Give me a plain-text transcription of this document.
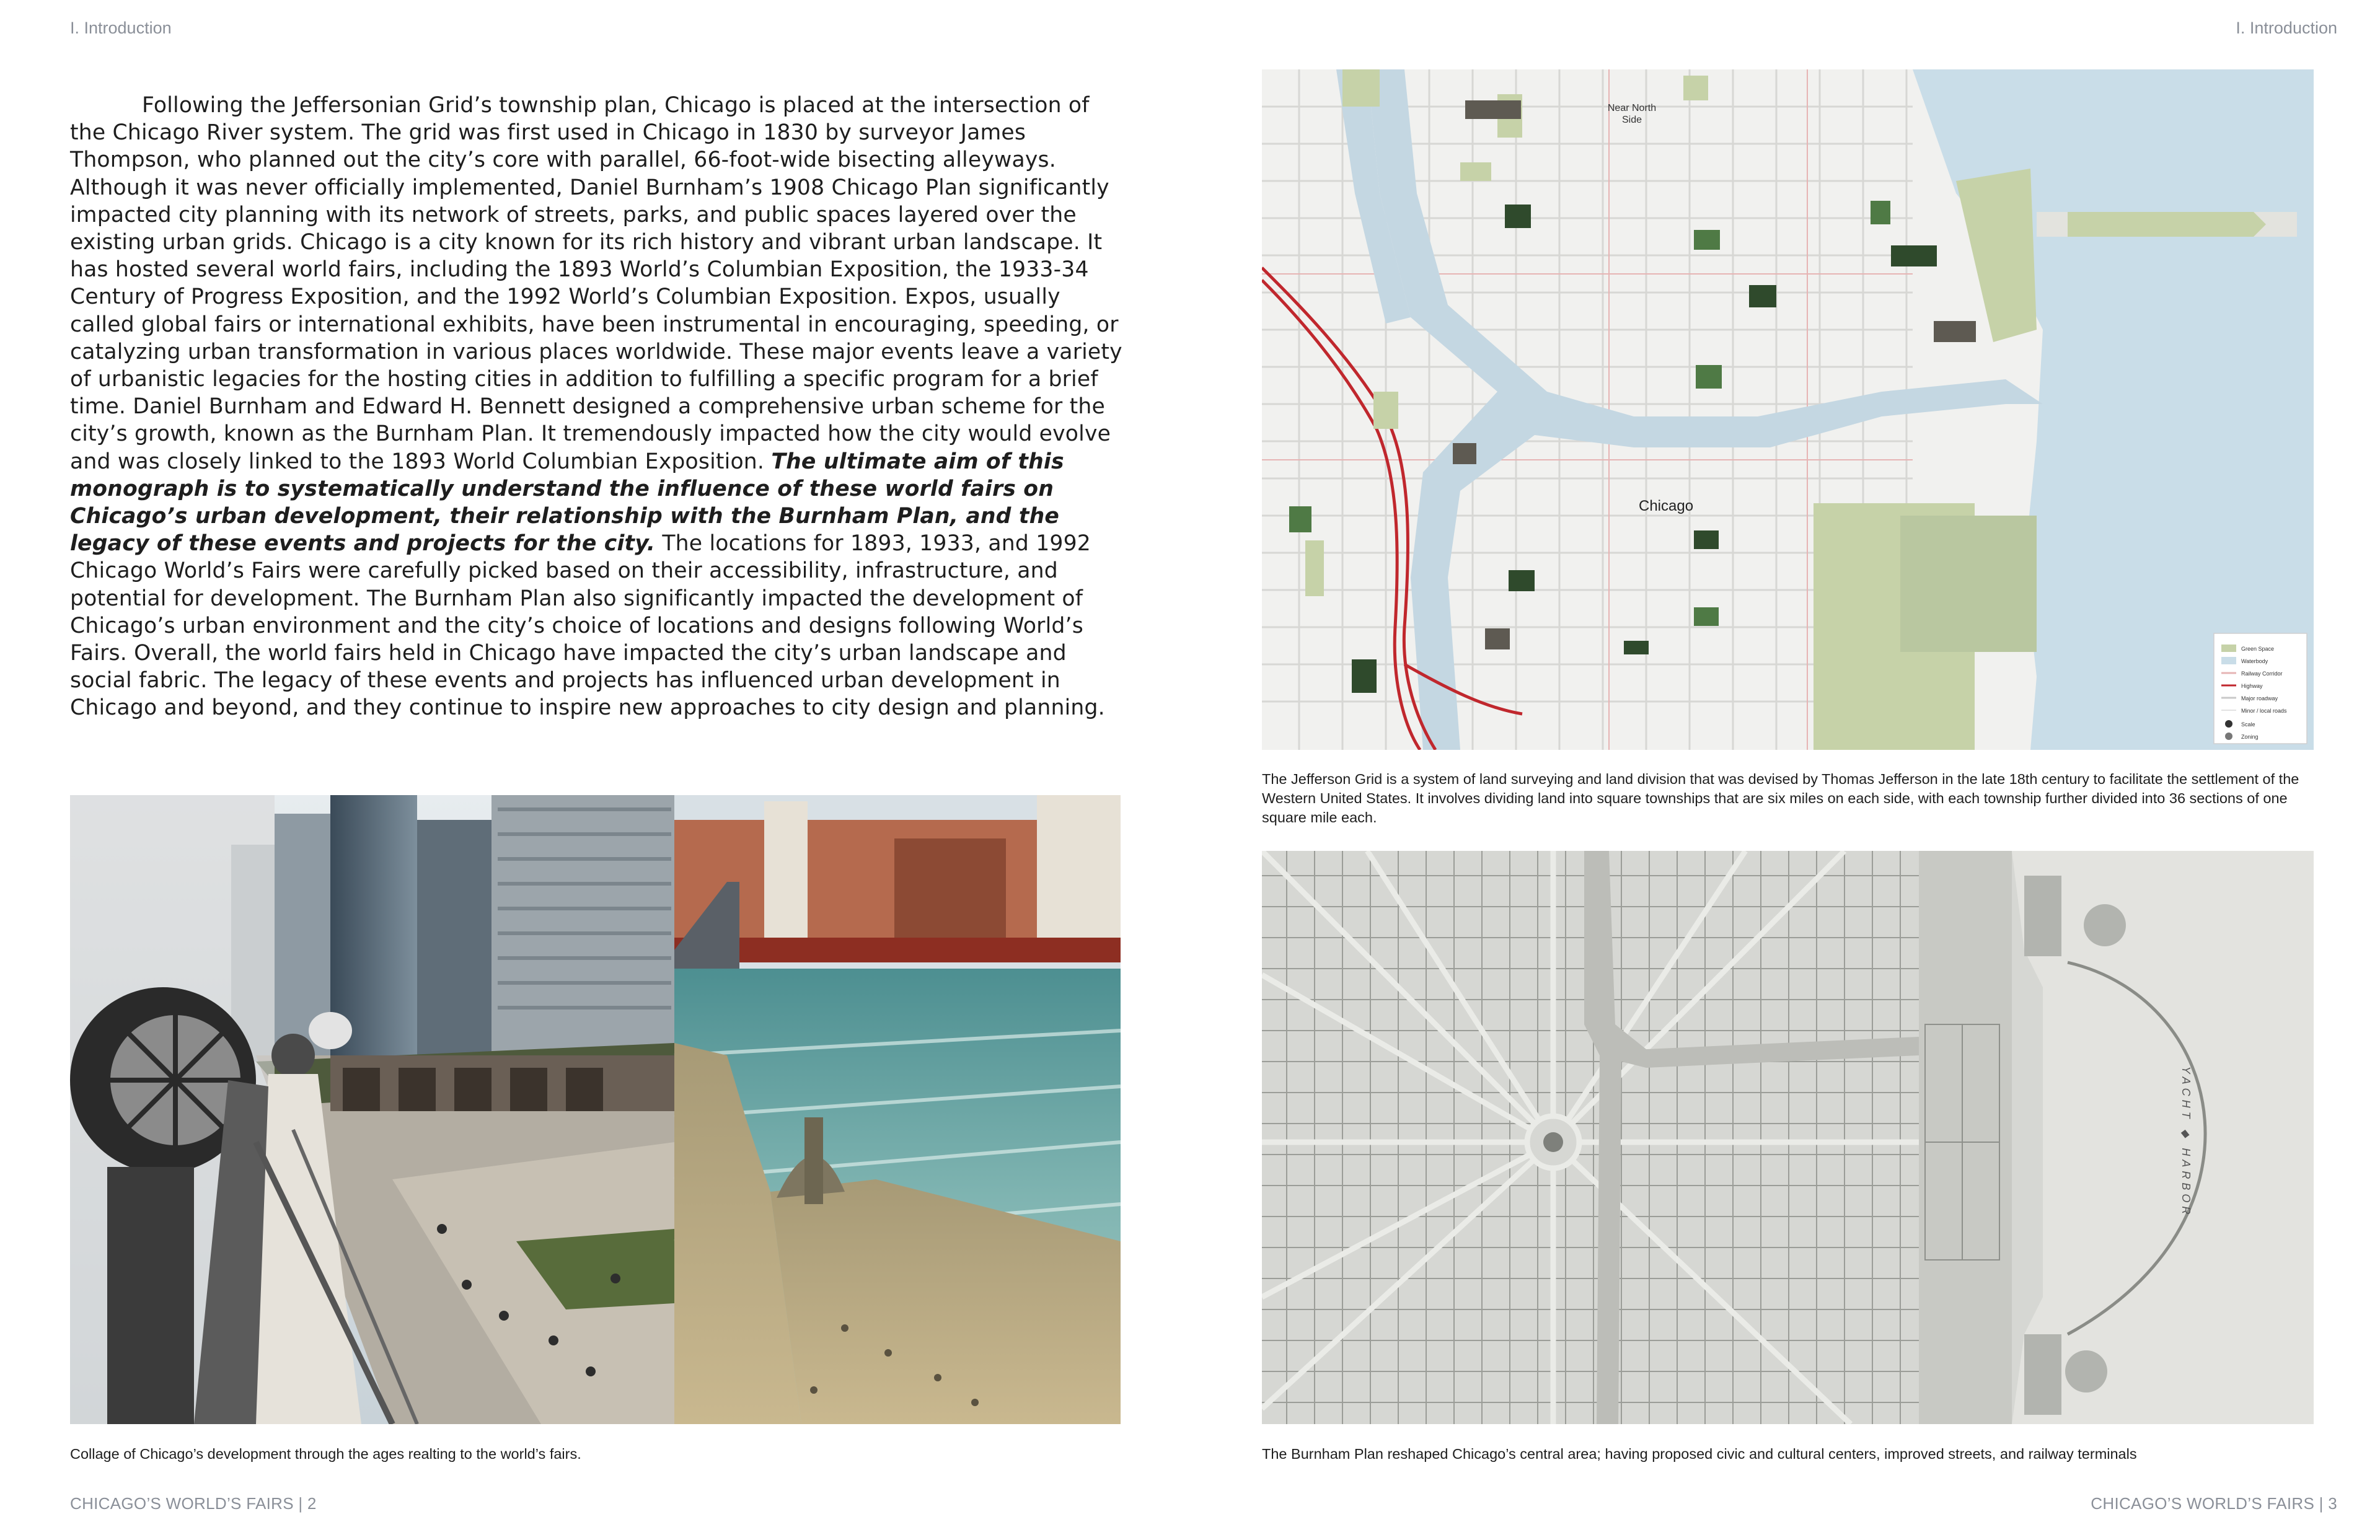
I. Introduction

Following the Jeffersonian Grid’s township plan, Chicago is placed at the intersection of the Chicago River system. The grid was first used in Chicago in 1830 by surveyor James Thompson, who planned out the city’s core with parallel, 66-foot-wide bisecting alleyways. Although it was never officially implemented, Daniel Burnham’s 1908 Chicago Plan significantly impacted city planning with its network of streets, parks, and public spaces layered over the existing urban grids. Chicago is a city known for its rich history and vibrant urban landscape. It has hosted several world fairs, including the 1893 World’s Columbian Exposition, the 1933-34 Century of Progress Exposition, and the 1992 World’s Columbian Exposition. Expos, usually called global fairs or international exhibits, have been instrumental in encouraging, speeding, or catalyzing urban transformation in various places worldwide. These major events leave a variety of urbanistic legacies for the hosting cities in addition to fulfilling a specific program for a brief time. Daniel Burnham and Edward H. Bennett designed a comprehensive urban scheme for the city’s growth, known as the Burnham Plan. It tremendously impacted how the city would evolve and was closely linked to the 1893 World Columbian Exposition. The ultimate aim of this monograph is to systematically understand the influence of these world fairs on Chicago’s urban development, their relationship with the Burnham Plan, and the legacy of these events and projects for the city. The locations for 1893, 1933, and 1992 Chicago World’s Fairs were carefully picked based on their accessibility, infrastructure, and potential for development. The Burnham Plan also significantly impacted the development of Chicago’s urban environment and the city’s choice of locations and designs following World’s Fairs. Overall, the world fairs held in Chicago have impacted the city’s urban landscape and social fabric. The legacy of these events and projects has influenced urban development in Chicago and beyond, and they continue to inspire new approaches to city design and planning.

Collage of Chicago’s development through the ages realting to the world’s fairs.

CHICAGO’S WORLD’S FAIRS | 2
I. Introduction
Near North
Side
Chicago
Green Space
Waterbody
Railway Corridor
Highway
Major roadway
Minor / local roads
Scale
Zoning

The Jefferson Grid is a system of land surveying and land division that was devised by Thomas Jefferson in the late 18th century to facilitate the settlement of the Western United States. It involves dividing land into square townships that are six miles on each side, with each township further divided into 36 sections of one square mile each.

YACHT ◆ HARBOR

The Burnham Plan reshaped Chicago’s central area; having proposed civic and cultural centers, improved streets, and railway terminals

CHICAGO’S WORLD’S FAIRS | 3
